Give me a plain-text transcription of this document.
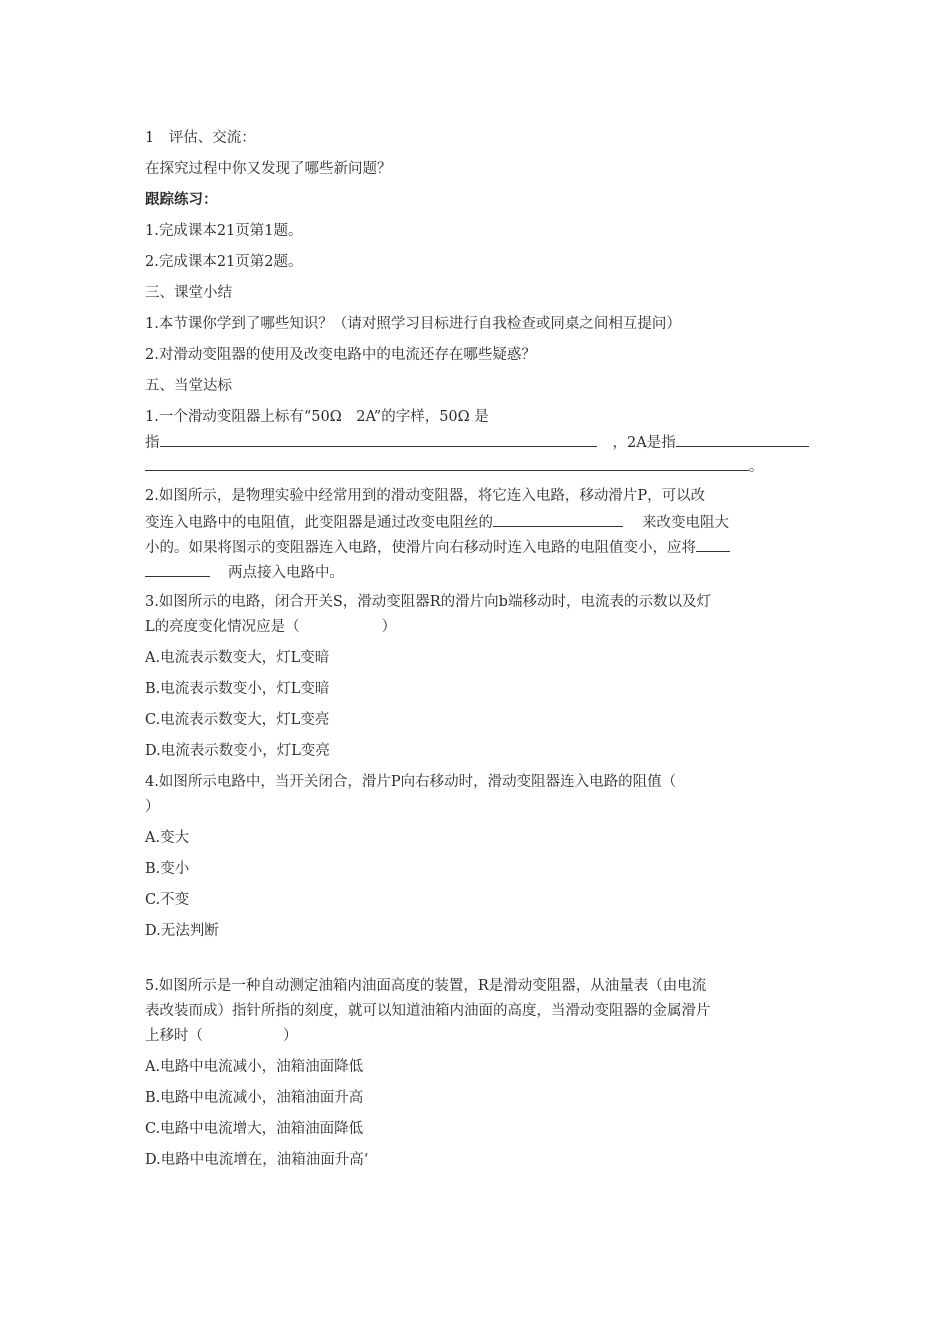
1　评估、交流：
在探究过程中你又发现了哪些新问题？
跟踪练习：
1.完成课本21页第1题。
2.完成课本21页第2题。
三、课堂小结
1.本节课你学到了哪些知识？（请对照学习目标进行自我检查或同桌之间相互提问）
2.对滑动变阻器的使用及改变电路中的电流还存在哪些疑惑？
五、当堂达标
1.一个滑动变阻器上标有“50Ω　2A”的字样，50Ω 是
指	，2A是指
。
2.如图所示，是物理实验中经常用到的滑动变阻器，将它连入电路，移动滑片P，可以改
变连入电路中的电阻值，此变阻器是通过改变电阻丝的	来改变电阻大
小的。如果将图示的变阻器连入电路，使滑片向右移动时连入电路的电阻值变小，应将
两点接入电路中。
3.如图所示的电路，闭合开关S，滑动变阻器R的滑片向b端移动时，电流表的示数以及灯
L的亮度变化情况应是（	）
A.电流表示数变大，灯L变暗
B.电流表示数变小，灯L变暗
C.电流表示数变大，灯L变亮
D.电流表示数变小，灯L变亮
4.如图所示电路中，当开关闭合，滑片P向右移动时，滑动变阻器连入电路的阻值（
）
A.变大
B.变小
C.不变
D.无法判断
5.如图所示是一种自动测定油箱内油面高度的装置，R是滑动变阻器，从油量表（由电流
表改装而成）指针所指的刻度，就可以知道油箱内油面的高度，当滑动变阻器的金属滑片
上移时（	）
A.电路中电流减小，油箱油面降低
B.电路中电流减小，油箱油面升高
C.电路中电流增大，油箱油面降低
D.电路中电流增在，油箱油面升高‘
